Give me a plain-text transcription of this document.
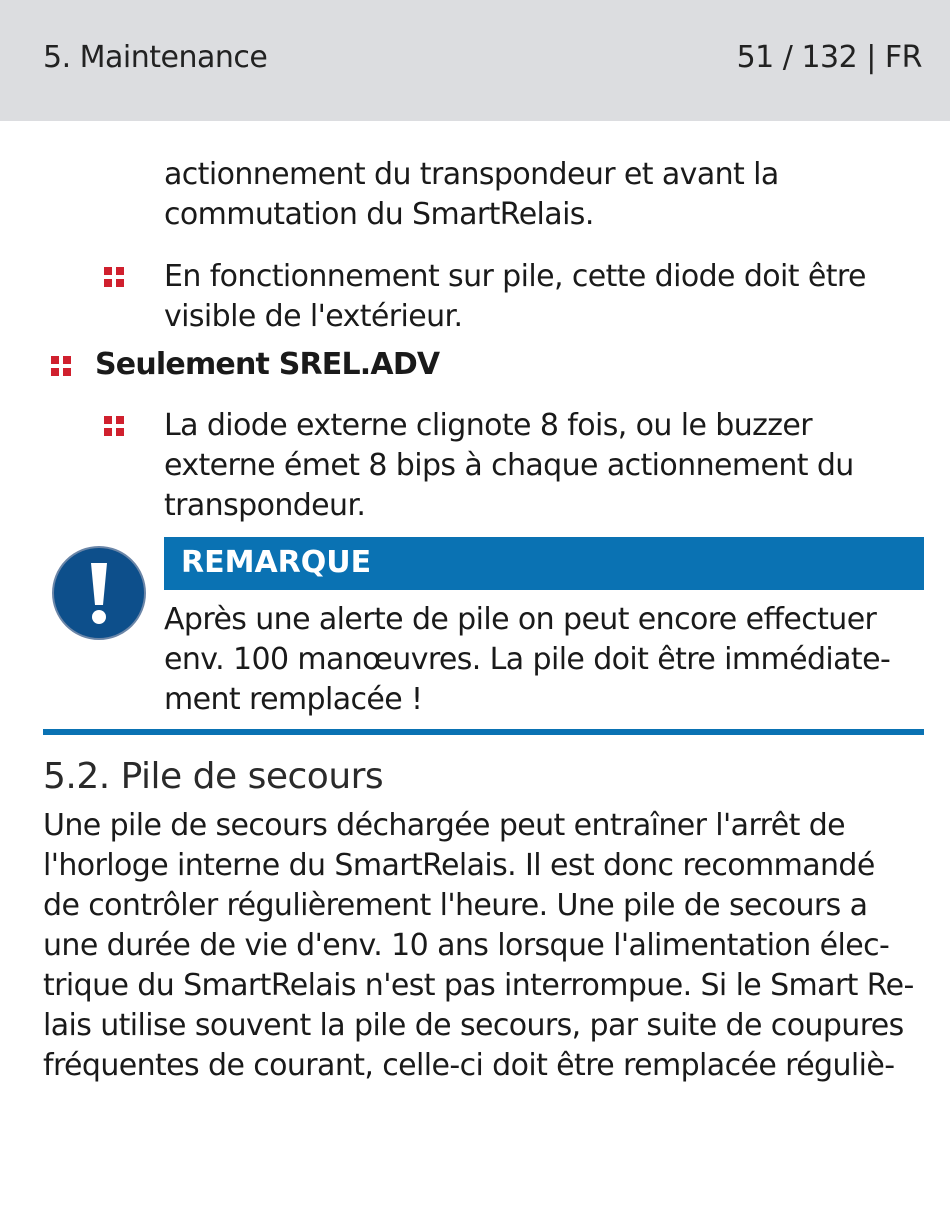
5. Maintenance	51 / 132 | FR
actionnement du transpondeur et avant la
commutation du SmartRelais.
En fonctionnement sur pile, cette diode doit être
visible de l'extérieur.
Seulement SREL.ADV
La diode externe clignote 8 fois, ou le buzzer
externe émet 8 bips à chaque actionnement du
transpondeur.
REMARQUE
Après une alerte de pile on peut encore effectuer
env. 100 manœuvres. La pile doit être immédiate-
ment remplacée !
5.2. Pile de secours
Une pile de secours déchargée peut entraîner l'arrêt de
l'horloge interne du SmartRelais. Il est donc recommandé
de contrôler régulièrement l'heure. Une pile de secours a
une durée de vie d'env. 10 ans lorsque l'alimentation élec-
trique du SmartRelais n'est pas interrompue. Si le Smart Re-
lais utilise souvent la pile de secours, par suite de coupures
fréquentes de courant, celle-ci doit être remplacée réguliè-
